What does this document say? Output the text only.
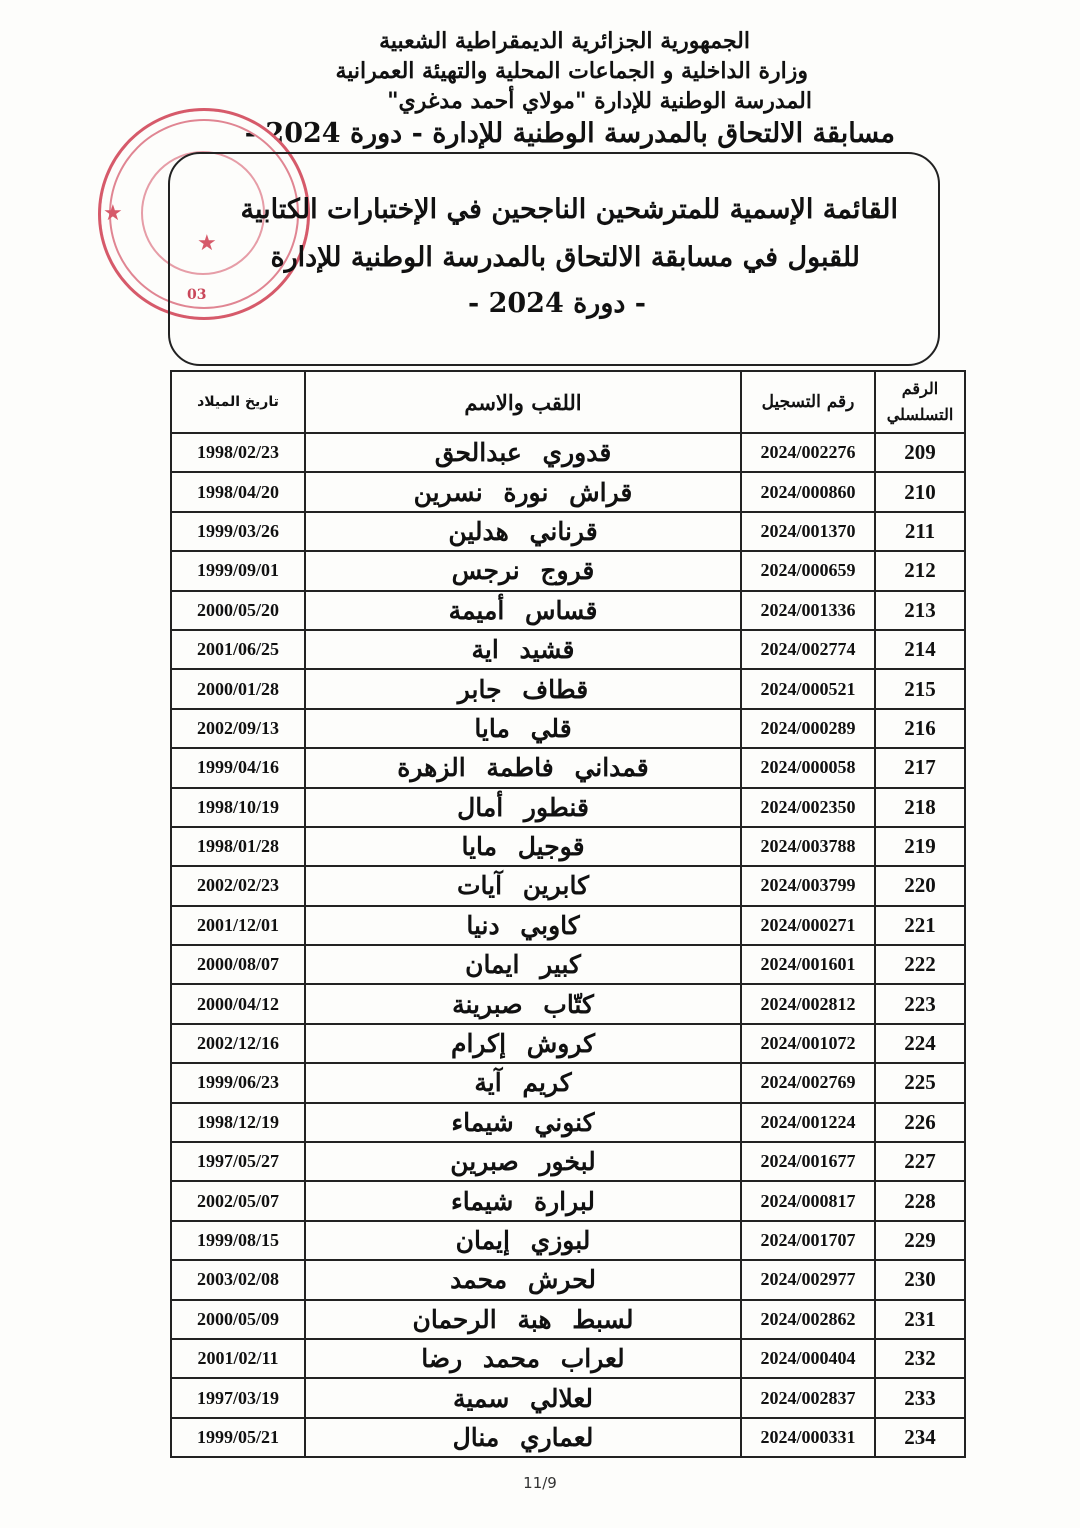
الجمهورية الجزائرية الديمقراطية الشعبية
وزارة الداخلية و الجماعات المحلية والتهيئة العمرانية
المدرسة الوطنية للإدارة "مولاي أحمد مدغري"
مسابقة الالتحاق بالمدرسة الوطنية للإدارة - دورة 2024 -
★
★
03
القائمة الإسمية للمترشحين الناجحين في الإختبارات الكتابية
للقبول في مسابقة الالتحاق بالمدرسة الوطنية للإدارة
- دورة 2024 -
الرقم التسلسلي	رقم التسجيل	اللقب والاسم	تاريخ الميلاد
209	2024/002276	قدوري عبدالحق	1998/02/23
210	2024/000860	قراش نورة نسرين	1998/04/20
211	2024/001370	قرناني هدلين	1999/03/26
212	2024/000659	قروج نرجس	1999/09/01
213	2024/001336	قساس أميمة	2000/05/20
214	2024/002774	قشيد اية	2001/06/25
215	2024/000521	قطاف جابر	2000/01/28
216	2024/000289	قلي مايا	2002/09/13
217	2024/000058	قمداني فاطمة الزهرة	1999/04/16
218	2024/002350	قنطور أمال	1998/10/19
219	2024/003788	قوجيل مايا	1998/01/28
220	2024/003799	كابرين آيات	2002/02/23
221	2024/000271	كاوبي دنيا	2001/12/01
222	2024/001601	كبير ايمان	2000/08/07
223	2024/002812	كتّاب صبرينة	2000/04/12
224	2024/001072	كروش إكرام	2002/12/16
225	2024/002769	كريم آية	1999/06/23
226	2024/001224	كنوني شيماء	1998/12/19
227	2024/001677	لبخور صبرين	1997/05/27
228	2024/000817	لبرارة شيماء	2002/05/07
229	2024/001707	لبوزي إيمان	1999/08/15
230	2024/002977	لحرش محمد	2003/02/08
231	2024/002862	لسبط هبة الرحمان	2000/05/09
232	2024/000404	لعراب محمد رضا	2001/02/11
233	2024/002837	لعلالي سمية	1997/03/19
234	2024/000331	لعماري منال	1999/05/21
11/9
